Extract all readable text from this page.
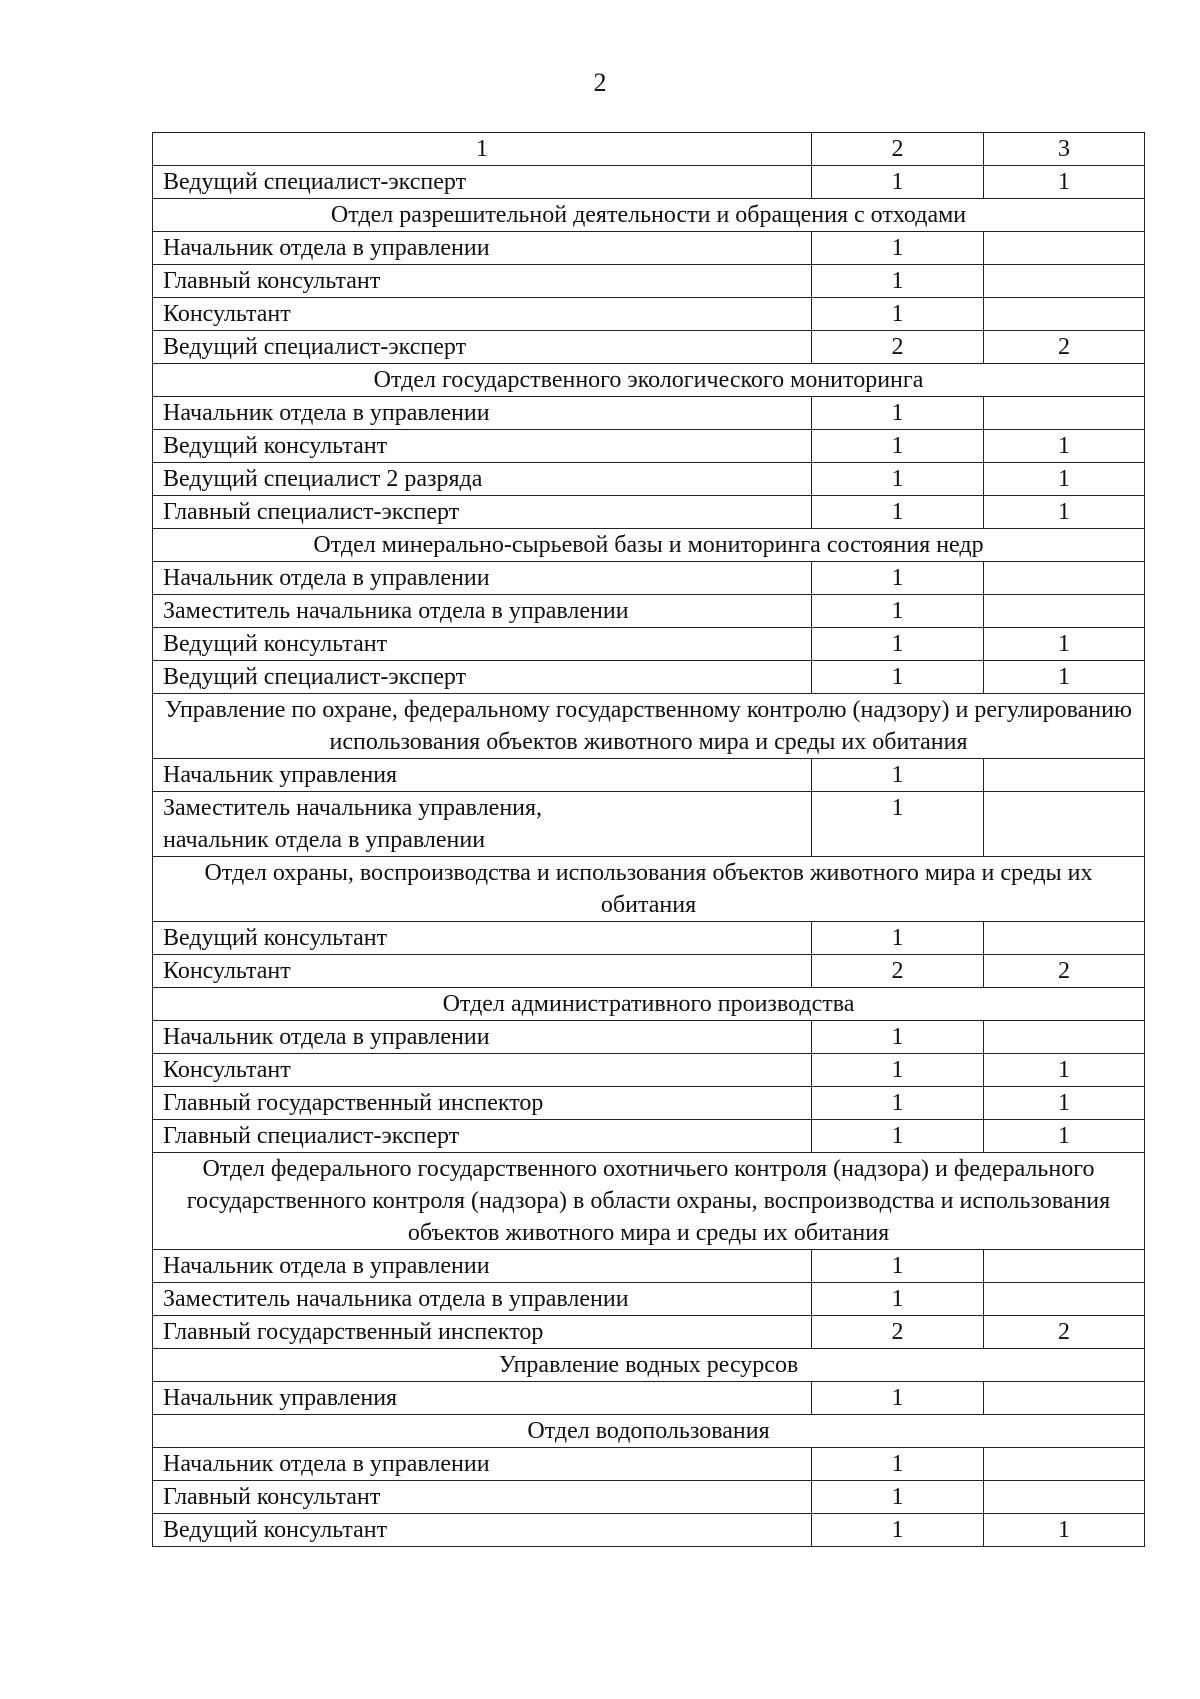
2
1	2	3
Ведущий специалист-эксперт	1	1
Отдел разрешительной деятельности и обращения с отходами		
Начальник отдела в управлении	1	
Главный консультант	1	
Консультант	1	
Ведущий специалист-эксперт	2	2
Отдел государственного экологического мониторинга		
Начальник отдела в управлении	1	
Ведущий консультант	1	1
Ведущий специалист 2 разряда	1	1
Главный специалист-эксперт	1	1
Отдел минерально-сырьевой базы и мониторинга состояния недр		
Начальник отдела в управлении	1	
Заместитель начальника отдела в управлении	1	
Ведущий консультант	1	1
Ведущий специалист-эксперт	1	1
Управление по охране, федеральному государственному контролю (надзору) и регулированию использования объектов животного мира и среды их обитания		
Начальник управления	1	
Заместитель начальника управления,
начальник отдела в управлении	1	
Отдел охраны, воспроизводства и использования объектов животного мира и среды их обитания		
Ведущий консультант	1	
Консультант	2	2
Отдел административного производства		
Начальник отдела в управлении	1	
Консультант	1	1
Главный государственный инспектор	1	1
Главный специалист-эксперт	1	1
Отдел федерального государственного охотничьего контроля (надзора) и федерального государственного контроля (надзора) в области охраны, воспроизводства и использования объектов животного мира и среды их обитания		
Начальник отдела в управлении	1	
Заместитель начальника отдела в управлении	1	
Главный государственный инспектор	2	2
Управление водных ресурсов		
Начальник управления	1	
Отдел водопользования		
Начальник отдела в управлении	1	
Главный консультант	1	
Ведущий консультант	1	1
